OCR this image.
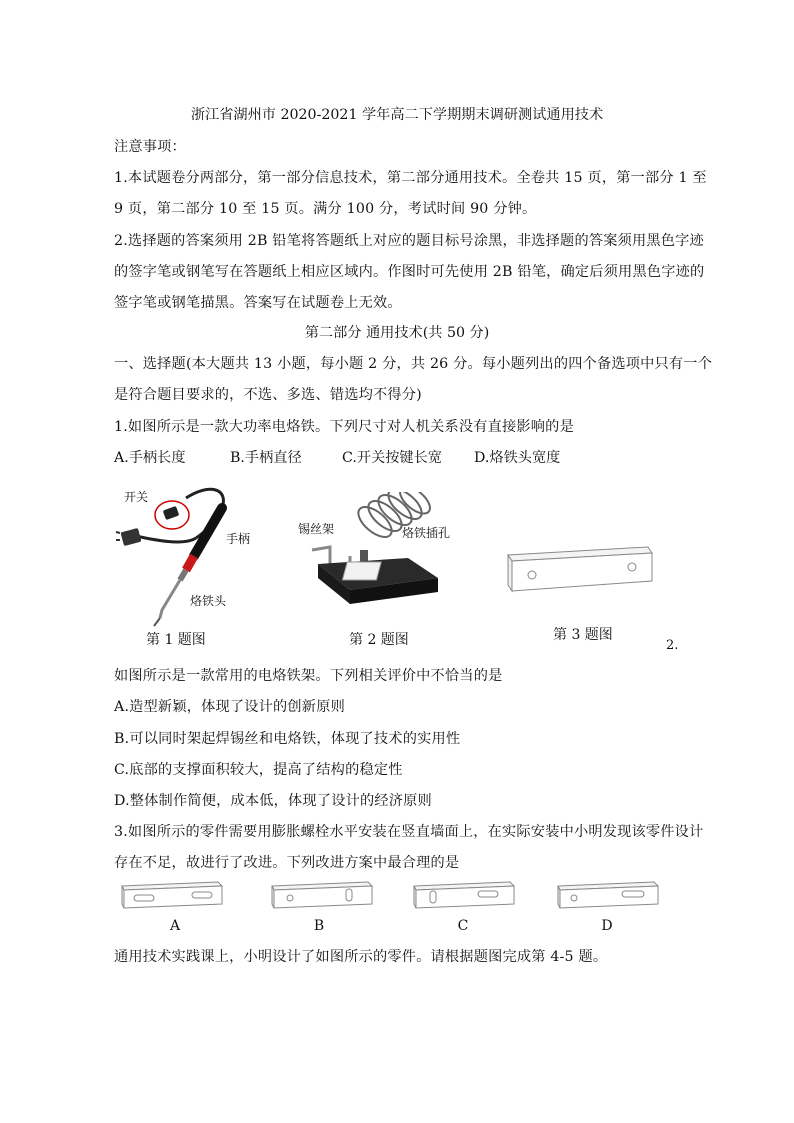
浙江省湖州市 2020-2021 学年高二下学期期末调研测试通用技术
注意事项：
1.本试题卷分两部分，第一部分信息技术，第二部分通用技术。全卷共 15 页，第一部分 1 至
9 页，第二部分 10 至 15 页。满分 100 分，考试时间 90 分钟。
2.选择题的答案须用 2B 铅笔将答题纸上对应的题目标号涂黑，非选择题的答案须用黑色字迹
的签字笔或钢笔写在答题纸上相应区域内。作图时可先使用 2B 铅笔，确定后须用黑色字迹的
签字笔或钢笔描黑。答案写在试题卷上无效。
第二部分 通用技术(共 50 分)
一、选择题(本大题共 13 小题，每小题 2 分，共 26 分。每小题列出的四个备选项中只有一个
是符合题目要求的，不选、多选、错选均不得分)
1.如图所示是一款大功率电烙铁。下列尺寸对人机关系没有直接影响的是
A.手柄长度	B.手柄直径	C.开关按键长宽 D.烙铁头宽度
开关
手柄
烙铁头
第 1 题图
锡丝架	烙铁插孔
第 2 题图	第 3 题图
2.
如图所示是一款常用的电烙铁架。下列相关评价中不恰当的是
A.造型新颖，体现了设计的创新原则
B.可以同时架起焊锡丝和电烙铁，体现了技术的实用性
C.底部的支撑面积较大，提高了结构的稳定性
D.整体制作简便，成本低，体现了设计的经济原则
3.如图所示的零件需要用膨胀螺栓水平安装在竖直墙面上，在实际安装中小明发现该零件设计
存在不足，故进行了改进。下列改进方案中最合理的是
A	B	C	D
通用技术实践课上，小明设计了如图所示的零件。请根据题图完成第 4-5 题。
